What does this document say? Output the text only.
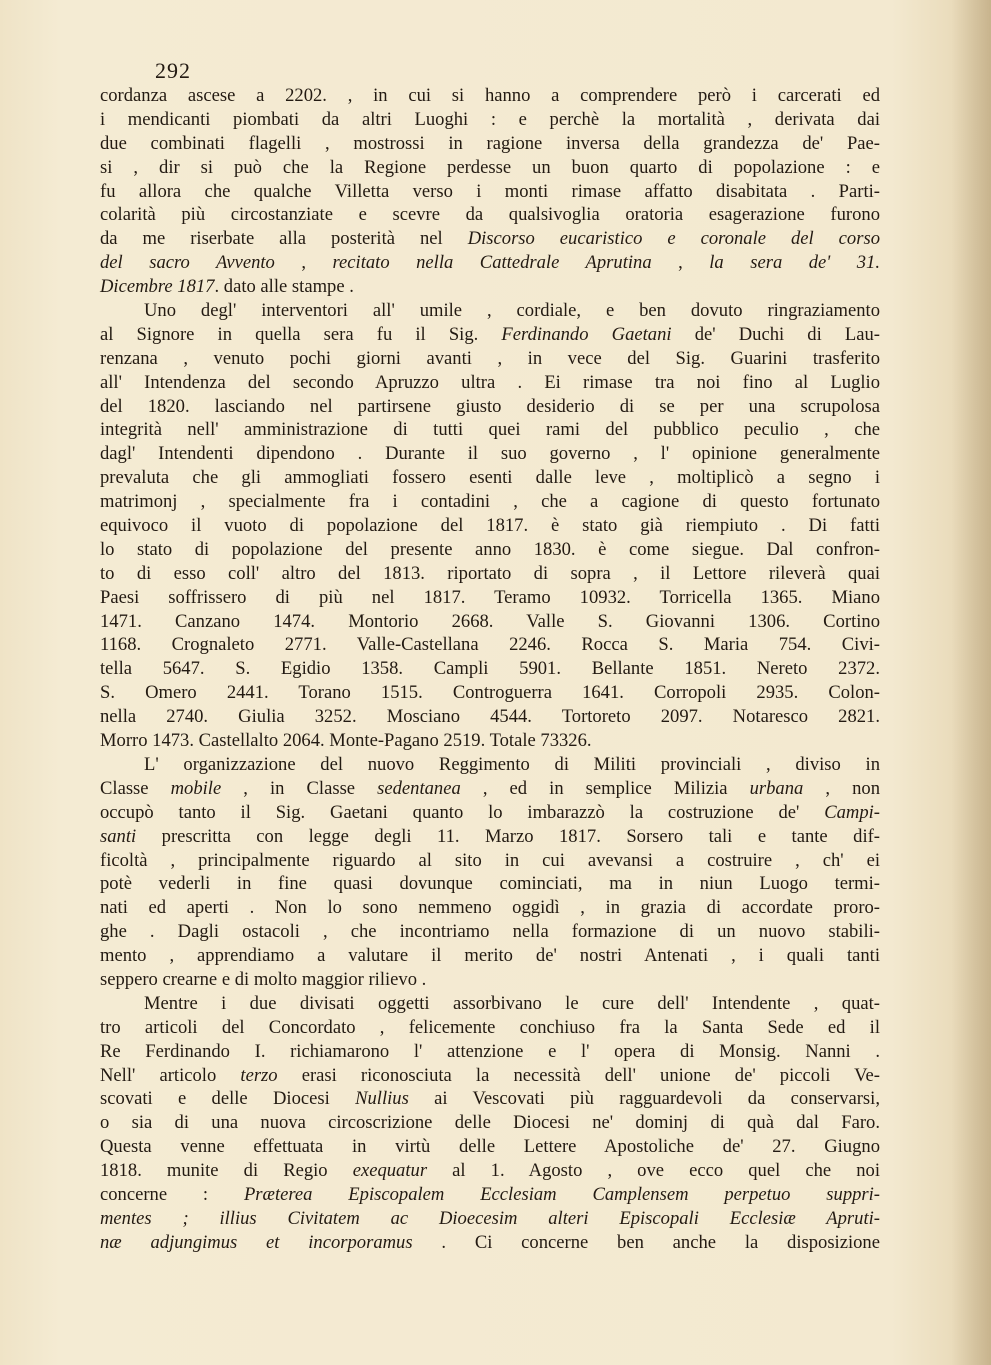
292
cordanza ascese a 2202. , in cui si hanno a comprendere però i carcerati ed
i mendicanti piombati da altri Luoghi : e perchè la mortalità , derivata dai
due combinati flagelli , mostrossi in ragione inversa della grandezza de' Pae-
si , dir si può che la Regione perdesse un buon quarto di popolazione : e
fu allora che qualche Villetta verso i monti rimase affatto disabitata . Parti-
colarità più circostanziate e scevre da qualsivoglia oratoria esagerazione furono
da me riserbate alla posterità nel Discorso eucaristico e coronale del corso
del sacro Avvento , recitato nella Cattedrale Aprutina , la sera de' 31.
Dicembre 1817. dato alle stampe .
Uno degl' interventori all' umile , cordiale, e ben dovuto ringraziamento
al Signore in quella sera fu il Sig. Ferdinando Gaetani de' Duchi di Lau-
renzana , venuto pochi giorni avanti , in vece del Sig. Guarini trasferito
all' Intendenza del secondo Apruzzo ultra . Ei rimase tra noi fino al Luglio
del 1820. lasciando nel partirsene giusto desiderio di se per una scrupolosa
integrità nell' amministrazione di tutti quei rami del pubblico peculio , che
dagl' Intendenti dipendono . Durante il suo governo , l' opinione generalmente
prevaluta che gli ammogliati fossero esenti dalle leve , moltiplicò a segno i
matrimonj , specialmente fra i contadini , che a cagione di questo fortunato
equivoco il vuoto di popolazione del 1817. è stato già riempiuto . Di fatti
lo stato di popolazione del presente anno 1830. è come siegue. Dal confron-
to di esso coll' altro del 1813. riportato di sopra , il Lettore rileverà quai
Paesi soffrissero di più nel 1817. Teramo 10932. Torricella 1365. Miano
1471. Canzano 1474. Montorio 2668. Valle S. Giovanni 1306. Cortino
1168. Crognaleto 2771. Valle-Castellana 2246. Rocca S. Maria 754. Civi-
tella 5647. S. Egidio 1358. Campli 5901. Bellante 1851. Nereto 2372.
S. Omero 2441. Torano 1515. Controguerra 1641. Corropoli 2935. Colon-
nella 2740. Giulia 3252. Mosciano 4544. Tortoreto 2097. Notaresco 2821.
Morro 1473. Castellalto 2064. Monte-Pagano 2519. Totale 73326.
L' organizzazione del nuovo Reggimento di Militi provinciali , diviso in
Classe mobile , in Classe sedentanea , ed in semplice Milizia urbana , non
occupò tanto il Sig. Gaetani quanto lo imbarazzò la costruzione de' Campi-
santi prescritta con legge degli 11. Marzo 1817. Sorsero tali e tante dif-
ficoltà , principalmente riguardo al sito in cui avevansi a costruire , ch' ei
potè vederli in fine quasi dovunque cominciati, ma in niun Luogo termi-
nati ed aperti . Non lo sono nemmeno oggidì , in grazia di accordate proro-
ghe . Dagli ostacoli , che incontriamo nella formazione di un nuovo stabili-
mento , apprendiamo a valutare il merito de' nostri Antenati , i quali tanti
seppero crearne e di molto maggior rilievo .
Mentre i due divisati oggetti assorbivano le cure dell' Intendente , quat-
tro articoli del Concordato , felicemente conchiuso fra la Santa Sede ed il
Re Ferdinando I. richiamarono l' attenzione e l' opera di Monsig. Nanni .
Nell' articolo terzo erasi riconosciuta la necessità dell' unione de' piccoli Ve-
scovati e delle Diocesi Nullius ai Vescovati più ragguardevoli da conservarsi,
o sia di una nuova circoscrizione delle Diocesi ne' dominj di quà dal Faro.
Questa venne effettuata in virtù delle Lettere Apostoliche de' 27. Giugno
1818. munite di Regio exequatur al 1. Agosto , ove ecco quel che noi
concerne : Præterea Episcopalem Ecclesiam Camplensem perpetuo suppri-
mentes ; illius Civitatem ac Dioecesim alteri Episcopali Ecclesiæ Apruti-
næ adjungimus et incorporamus . Ci concerne ben anche la disposizione
